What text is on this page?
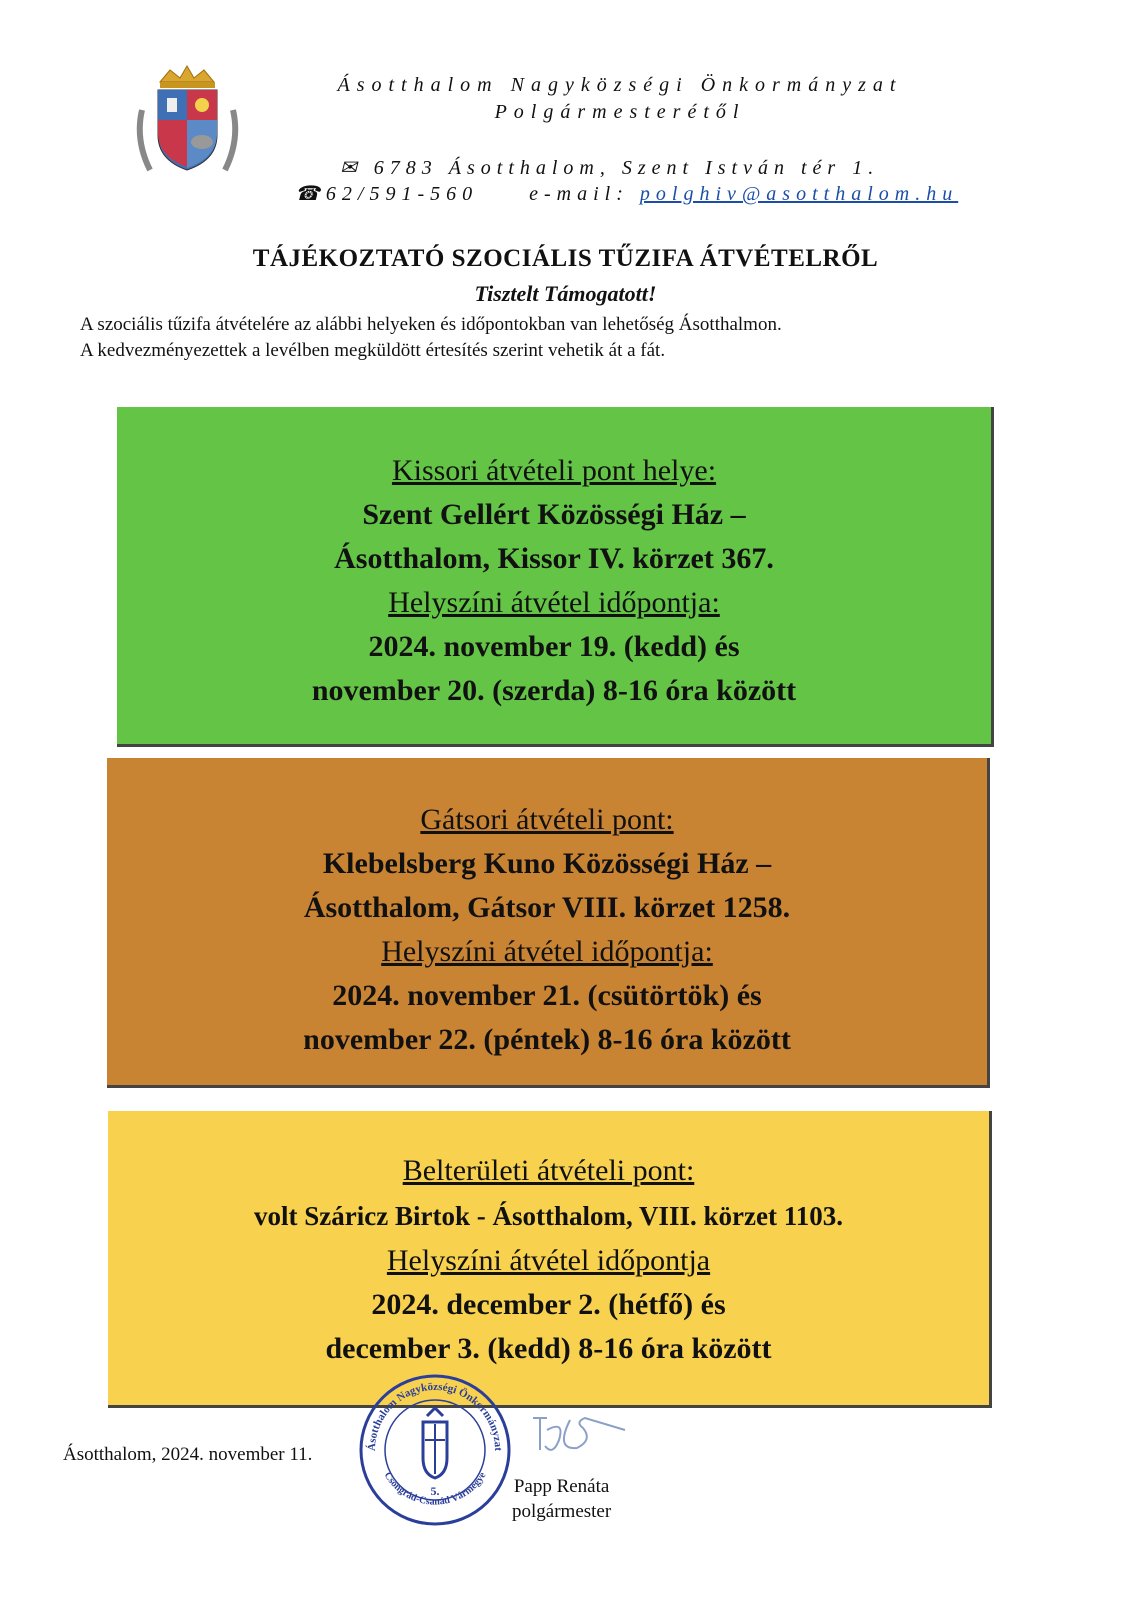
Ásotthalom Nagyközségi Önkormányzat
Polgármesterétől
✉ 6783 Ásotthalom, Szent István tér 1.
☎62/591-560	e-mail: polghiv@asotthalom.hu
TÁJÉKOZTATÓ SZOCIÁLIS TŰZIFA ÁTVÉTELRŐL
Tisztelt Támogatott!
A szociális tűzifa átvételére az alábbi helyeken és időpontokban van lehetőség Ásotthalmon.
A kedvezményezettek a levélben megküldött értesítés szerint vehetik át a fát.
Kissori átvételi pont helye:
Szent Gellért Közösségi Ház –
Ásotthalom, Kissor IV. körzet 367.
Helyszíni átvétel időpontja:
2024. november 19. (kedd) és
november 20. (szerda) 8-16 óra között
Gátsori átvételi pont:
Klebelsberg Kuno Közösségi Ház –
Ásotthalom, Gátsor VIII. körzet 1258.
Helyszíni átvétel időpontja:
2024. november 21. (csütörtök) és
november 22. (péntek) 8-16 óra között
Belterületi átvételi pont:
volt Száricz Birtok - Ásotthalom, VIII. körzet 1103.
Helyszíni átvétel időpontja
2024. december 2. (hétfő) és
december 3. (kedd) 8-16 óra között
Ásotthalom, 2024. november 11.	Ásotthalom Nagyközségi Önkormányzat
Csongrád-Csanád Vármegye
5.	Papp Renáta
polgármester
